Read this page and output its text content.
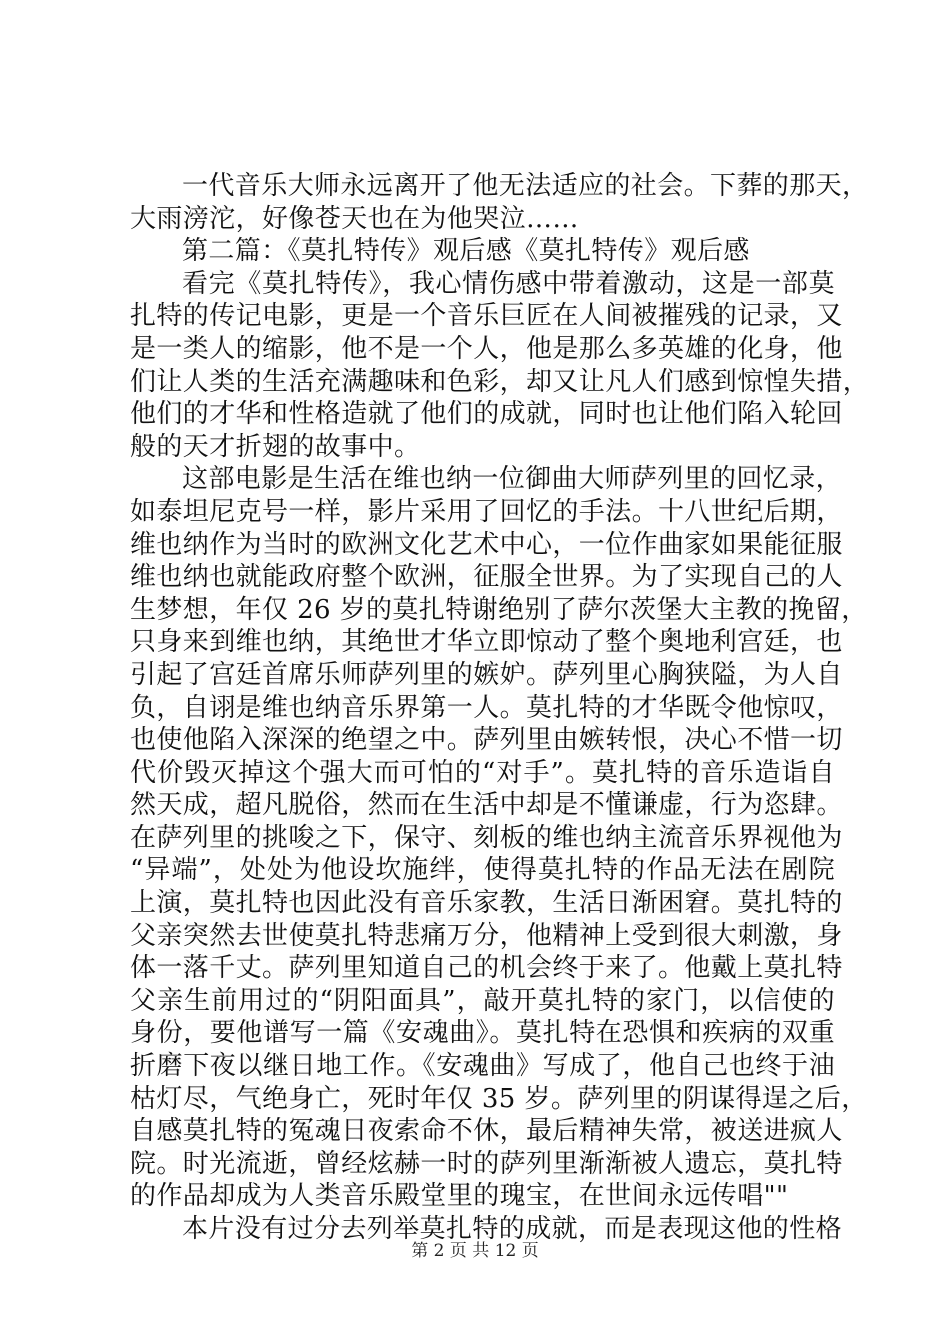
一代音乐大师永远离开了他无法适应的社会。下葬的那天，
大雨滂沱，好像苍天也在为他哭泣……
第二篇：《莫扎特传》观后感《莫扎特传》观后感
看完《莫扎特传》，我心情伤感中带着激动，这是一部莫
扎特的传记电影，更是一个音乐巨匠在人间被摧残的记录，又
是一类人的缩影，他不是一个人，他是那么多英雄的化身，他
们让人类的生活充满趣味和色彩，却又让凡人们感到惊惶失措，
他们的才华和性格造就了他们的成就，同时也让他们陷入轮回
般的天才折翅的故事中。
这部电影是生活在维也纳一位御曲大师萨列里的回忆录，
如泰坦尼克号一样，影片采用了回忆的手法。十八世纪后期，
维也纳作为当时的欧洲文化艺术中心，一位作曲家如果能征服
维也纳也就能政府整个欧洲，征服全世界。为了实现自己的人
生梦想，年仅 26 岁的莫扎特谢绝别了萨尔茨堡大主教的挽留，
只身来到维也纳，其绝世才华立即惊动了整个奥地利宫廷，也
引起了宫廷首席乐师萨列里的嫉妒。萨列里心胸狭隘，为人自
负，自诩是维也纳音乐界第一人。莫扎特的才华既令他惊叹，
也使他陷入深深的绝望之中。萨列里由嫉转恨，决心不惜一切
代价毁灭掉这个强大而可怕的“对手”。莫扎特的音乐造诣自
然天成，超凡脱俗，然而在生活中却是不懂谦虚，行为恣肆。
在萨列里的挑唆之下，保守、刻板的维也纳主流音乐界视他为
“异端”，处处为他设坎施绊，使得莫扎特的作品无法在剧院
上演，莫扎特也因此没有音乐家教，生活日渐困窘。莫扎特的
父亲突然去世使莫扎特悲痛万分，他精神上受到很大刺激，身
体一落千丈。萨列里知道自己的机会终于来了。他戴上莫扎特
父亲生前用过的“阴阳面具”，敲开莫扎特的家门，以信使的
身份，要他谱写一篇《安魂曲》。莫扎特在恐惧和疾病的双重
折磨下夜以继日地工作。《安魂曲》写成了，他自己也终于油
枯灯尽，气绝身亡，死时年仅 35 岁。萨列里的阴谋得逞之后，
自感莫扎特的冤魂日夜索命不休，最后精神失常，被送进疯人
院。时光流逝，曾经炫赫一时的萨列里渐渐被人遗忘，莫扎特
的作品却成为人类音乐殿堂里的瑰宝，在世间永远传唱""
本片没有过分去列举莫扎特的成就，而是表现这他的性格
第 2 页 共 12 页
